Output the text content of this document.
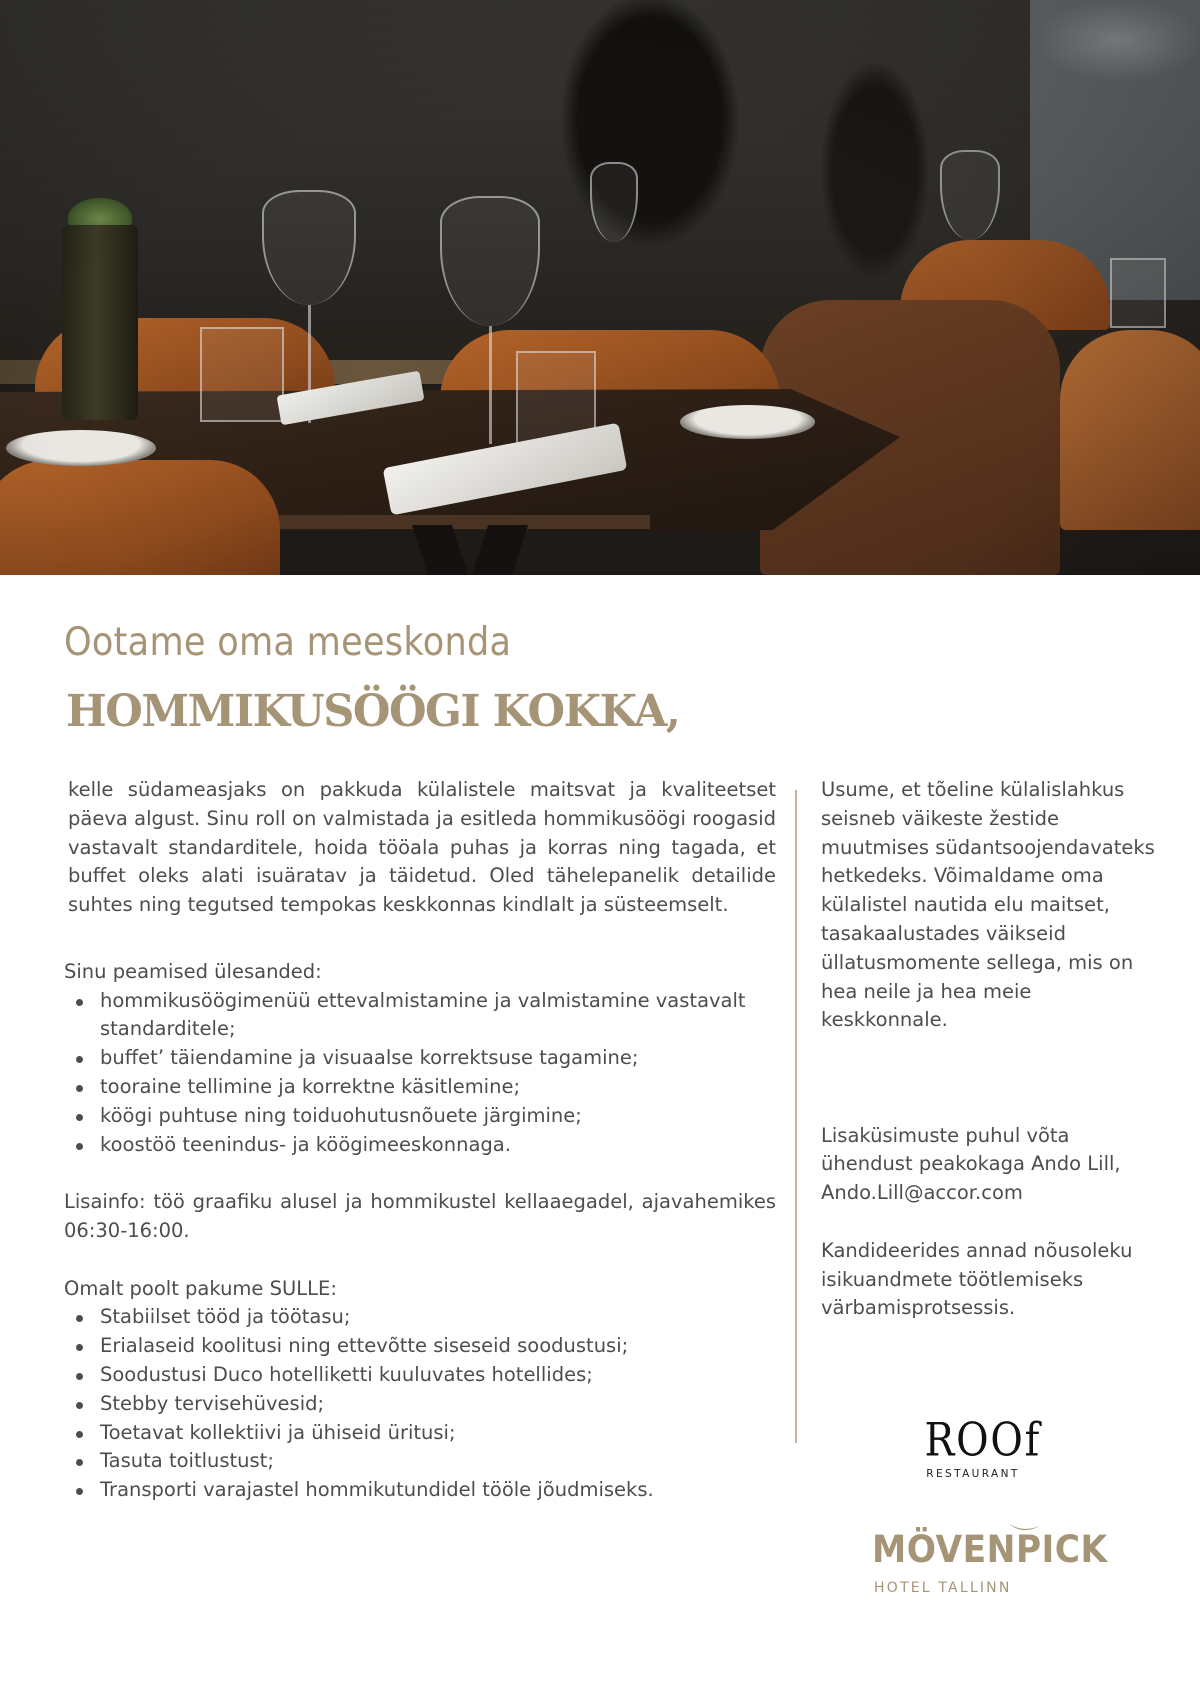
Ootame oma meeskonda
HOMMIKUSÖÖGI KOKKA,

kelle südameasjaks on pakkuda külalistele maitsvat ja kvaliteetset päeva algust. Sinu roll on valmistada ja esitleda hommikusöögi roogasid vastavalt standarditele, hoida tööala puhas ja korras ning tagada, et buffet oleks alati isuäratav ja täidetud. Oled tähelepanelik detailide suhtes ning tegutsed tempokas keskkonnas kindlalt ja süsteemselt.

Sinu peamised ülesanded:

hommikusöögimenüü ettevalmistamine ja valmistamine vastavalt standarditele;
buffet’ täiendamine ja visuaalse korrektsuse tagamine;
tooraine tellimine ja korrektne käsitlemine;
köögi puhtuse ning toiduohutusnõuete järgimine;
koostöö teenindus- ja köögimeeskonnaga.

Lisainfo: töö graafiku alusel ja hommikustel kellaaegadel, ajavahemikes 06:30-16:00.

Omalt poolt pakume SULLE:

Stabiilset tööd ja töötasu;
Erialaseid koolitusi ning ettevõtte siseseid soodustusi;
Soodustusi Duco hotelliketti kuuluvates hotellides;
Stebby tervisehüvesid;
Toetavat kollektiivi ja ühiseid üritusi;
Tasuta toitlustust;
Transporti varajastel hommikutundidel tööle jõudmiseks.

Usume, et tõeline külalislahkus seisneb väikeste žestide muutmises südantsoojendavateks hetkedeks. Võimaldame oma külalistel nautida elu maitset, tasakaalustades väikseid üllatusmomente sellega, mis on hea neile ja hea meie keskkonnale.

Lisaküsimuste puhul võta ühendust peakokaga Ando Lill, Ando.Lill@accor.com

Kandideerides annad nõusoleku isikuandmete töötlemiseks värbamisprotsessis.

ROOf
RESTAURANT
MÖVENPICK
HOTEL TALLINN
